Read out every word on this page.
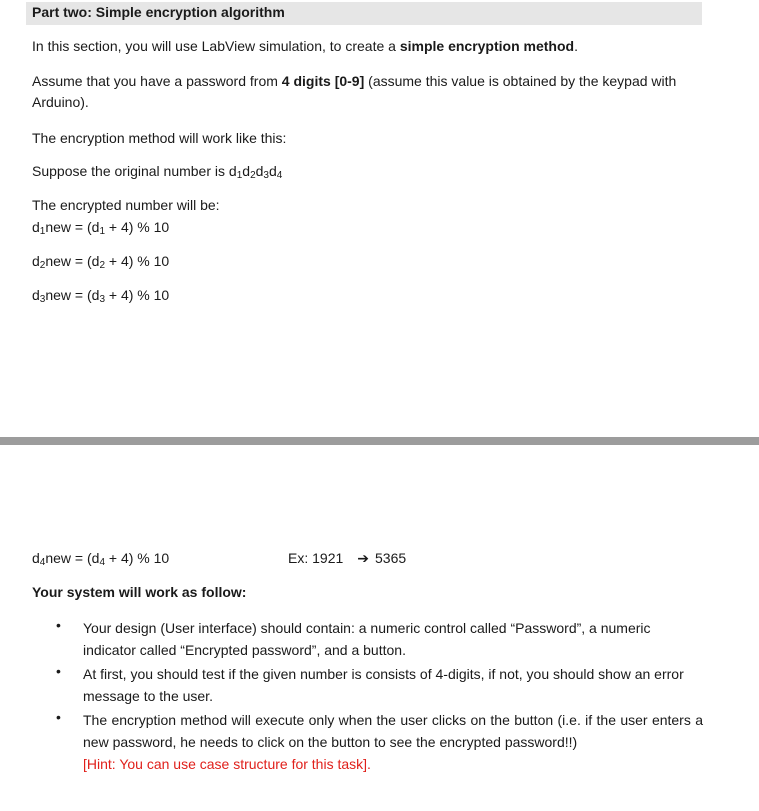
Part two: Simple encryption algorithm
In this section, you will use LabView simulation, to create a simple encryption method.
Assume that you have a password from 4 digits [0-9] (assume this value is obtained by the keypad with Arduino).
The encryption method will work like this:
Suppose the original number is $d_1d_2d_3d_4$
The encrypted number will be:
$d_1new = (d_1 + 4)$ % 10
$d_2new = (d_2 + 4)$ % 10
$d_3new = (d_3 + 4)$ % 10
$d_4new = (d_4 + 4)$ % 10	Ex: 1921 ➔ 5365
Your system will work as follow:
• Your design (User interface) should contain: a numeric control called “Password”, a numeric indicator called “Encrypted password”, and a button.
• At first, you should test if the given number is consists of 4-digits, if not, you should show an error message to the user.
• The encryption method will execute only when the user clicks on the button (i.e. if the user enters a new password, he needs to click on the button to see the encrypted password!!)
[Hint: You can use case structure for this task].
